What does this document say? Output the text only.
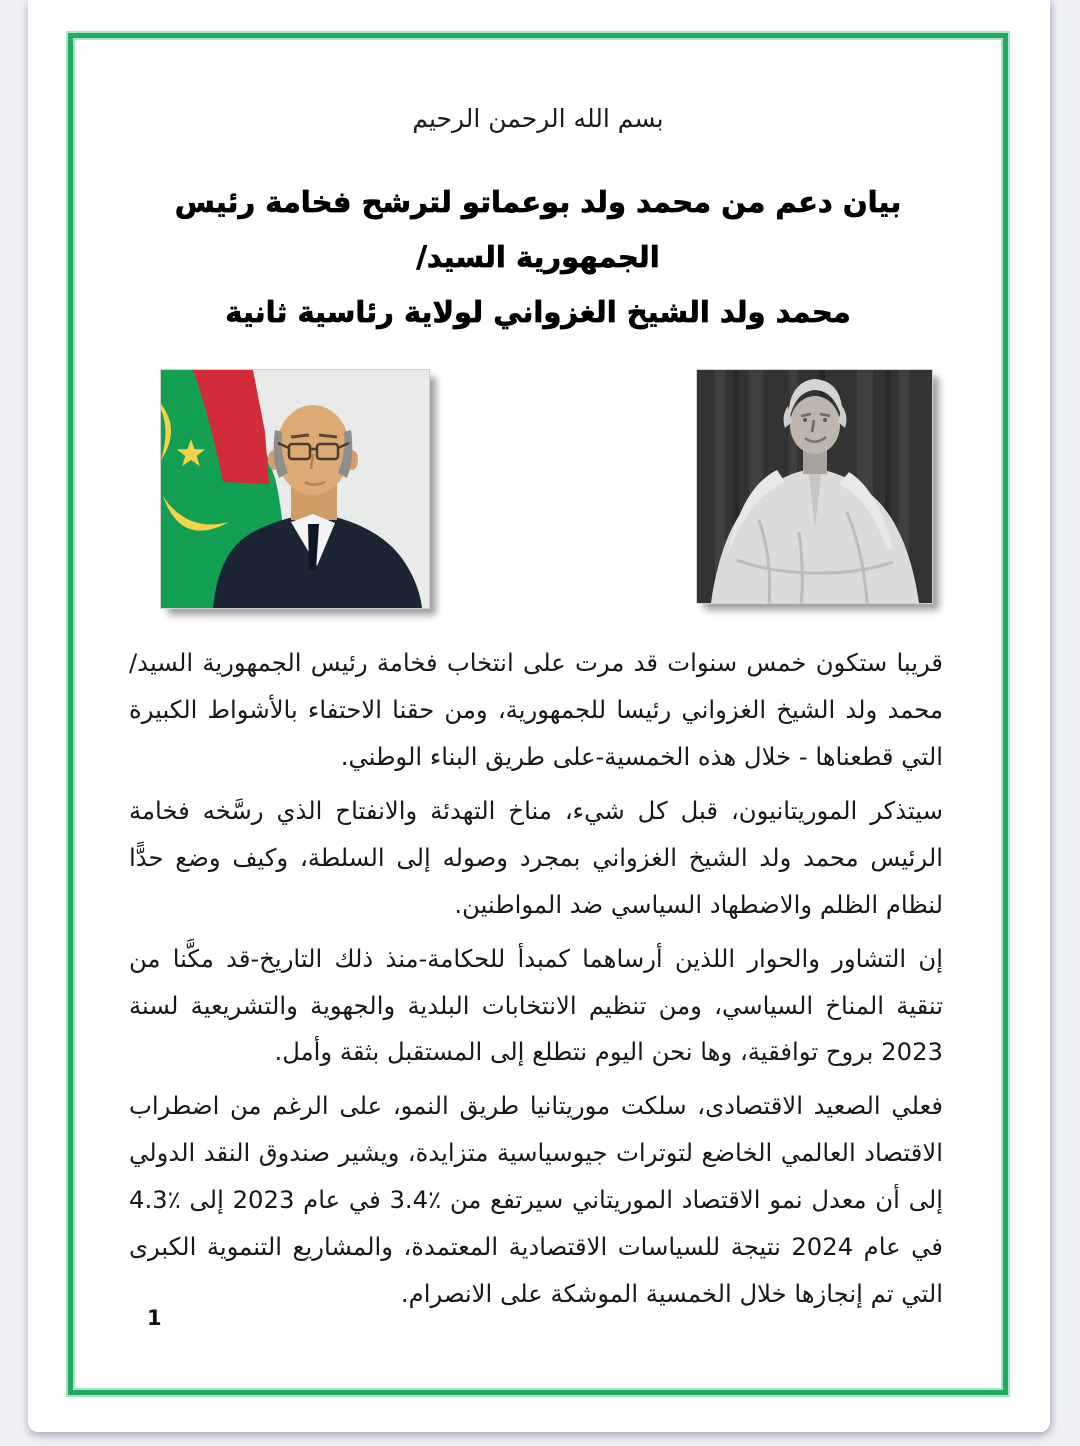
بسم الله الرحمن الرحيم
بيان دعم من محمد ولد بوعماتو لترشح فخامة رئيس الجمهورية السيد/
محمد ولد الشيخ الغزواني لولاية رئاسية ثانية

قريبا ستكون خمس سنوات قد مرت على انتخاب فخامة رئيس الجمهورية السيد/ محمد ولد الشيخ الغزواني رئيسا للجمهورية، ومن حقنا الاحتفاء بالأشواط الكبيرة التي قطعناها - خلال هذه الخمسية-على طريق البناء الوطني.

سيتذكر الموريتانيون، قبل كل شيء، مناخ التهدئة والانفتاح الذي رسَّخه فخامة الرئيس محمد ولد الشيخ الغزواني بمجرد وصوله إلى السلطة، وكيف وضع حدًّا لنظام الظلم والاضطهاد السياسي ضد المواطنين.

إن التشاور والحوار اللذين أرساهما كمبدأ للحكامة-منذ ذلك التاريخ-قد مكَّنا من تنقية المناخ السياسي، ومن تنظيم الانتخابات البلدية والجهوية والتشريعية لسنة 2023 بروح توافقية، وها نحن اليوم نتطلع إلى المستقبل بثقة وأمل.

فعلي الصعيد الاقتصادى، سلكت موريتانيا طريق النمو، على الرغم من اضطراب الاقتصاد العالمي الخاضع لتوترات جيوسياسية متزايدة، ويشير صندوق النقد الدولي إلى أن معدل نمو الاقتصاد الموريتاني سيرتفع من ٪3.4 في عام 2023 إلى ٪4.3 في عام 2024 نتيجة للسياسات الاقتصادية المعتمدة، والمشاريع التنموية الكبرى التي تم إنجازها خلال الخمسية الموشكة على الانصرام.

1
